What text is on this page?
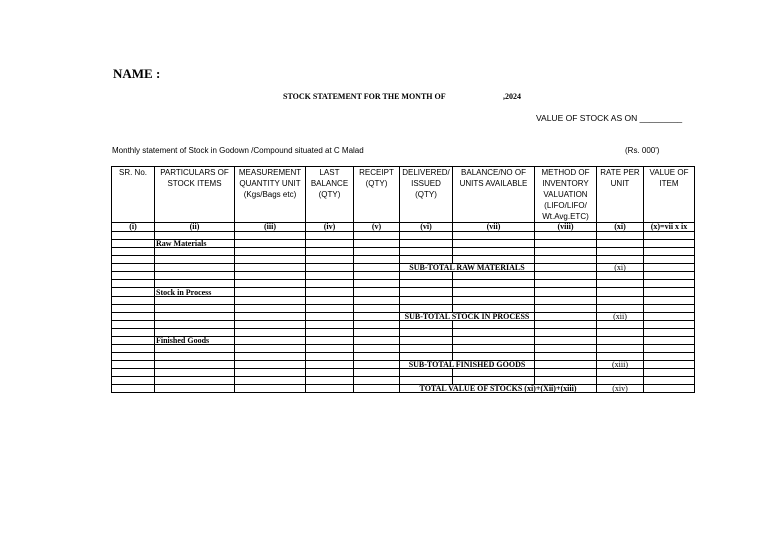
NAME :
STOCK STATEMENT FOR THE MONTH OF	,2024
VALUE OF STOCK AS ON _________
Monthly statement of Stock in Godown /Compound situated at C Malad	(Rs. 000')
SR. No.	PARTICULARS OF STOCK ITEMS	MEASUREMENT QUANTITY UNIT (Kgs/Bags etc)	LAST BALANCE (QTY)	RECEIPT (QTY)	DELIVERED/ ISSUED (QTY)	BALANCE/NO OF UNITS AVAILABLE	METHOD OF INVENTORY VALUATION (LIFO/LIFO/ Wt.Avg.ETC)	RATE PER UNIT	VALUE OF ITEM
(i)	(ii)	(iii)	(iv)	(v)	(vi)	(vii)	(viii)	(xi)	(x)=vii x ix

	Raw Materials								

					SUB-TOTAL RAW MATERIALS			(xi)	

	Stock in Process								

					SUB-TOTAL STOCK IN PROCESS			(xii)	

	Finished Goods								

					SUB-TOTAL FINISHED GOODS			(xiii)	

					TOTAL VALUE OF STOCKS (xi)+(Xii)+(xiii)			(xiv)	
